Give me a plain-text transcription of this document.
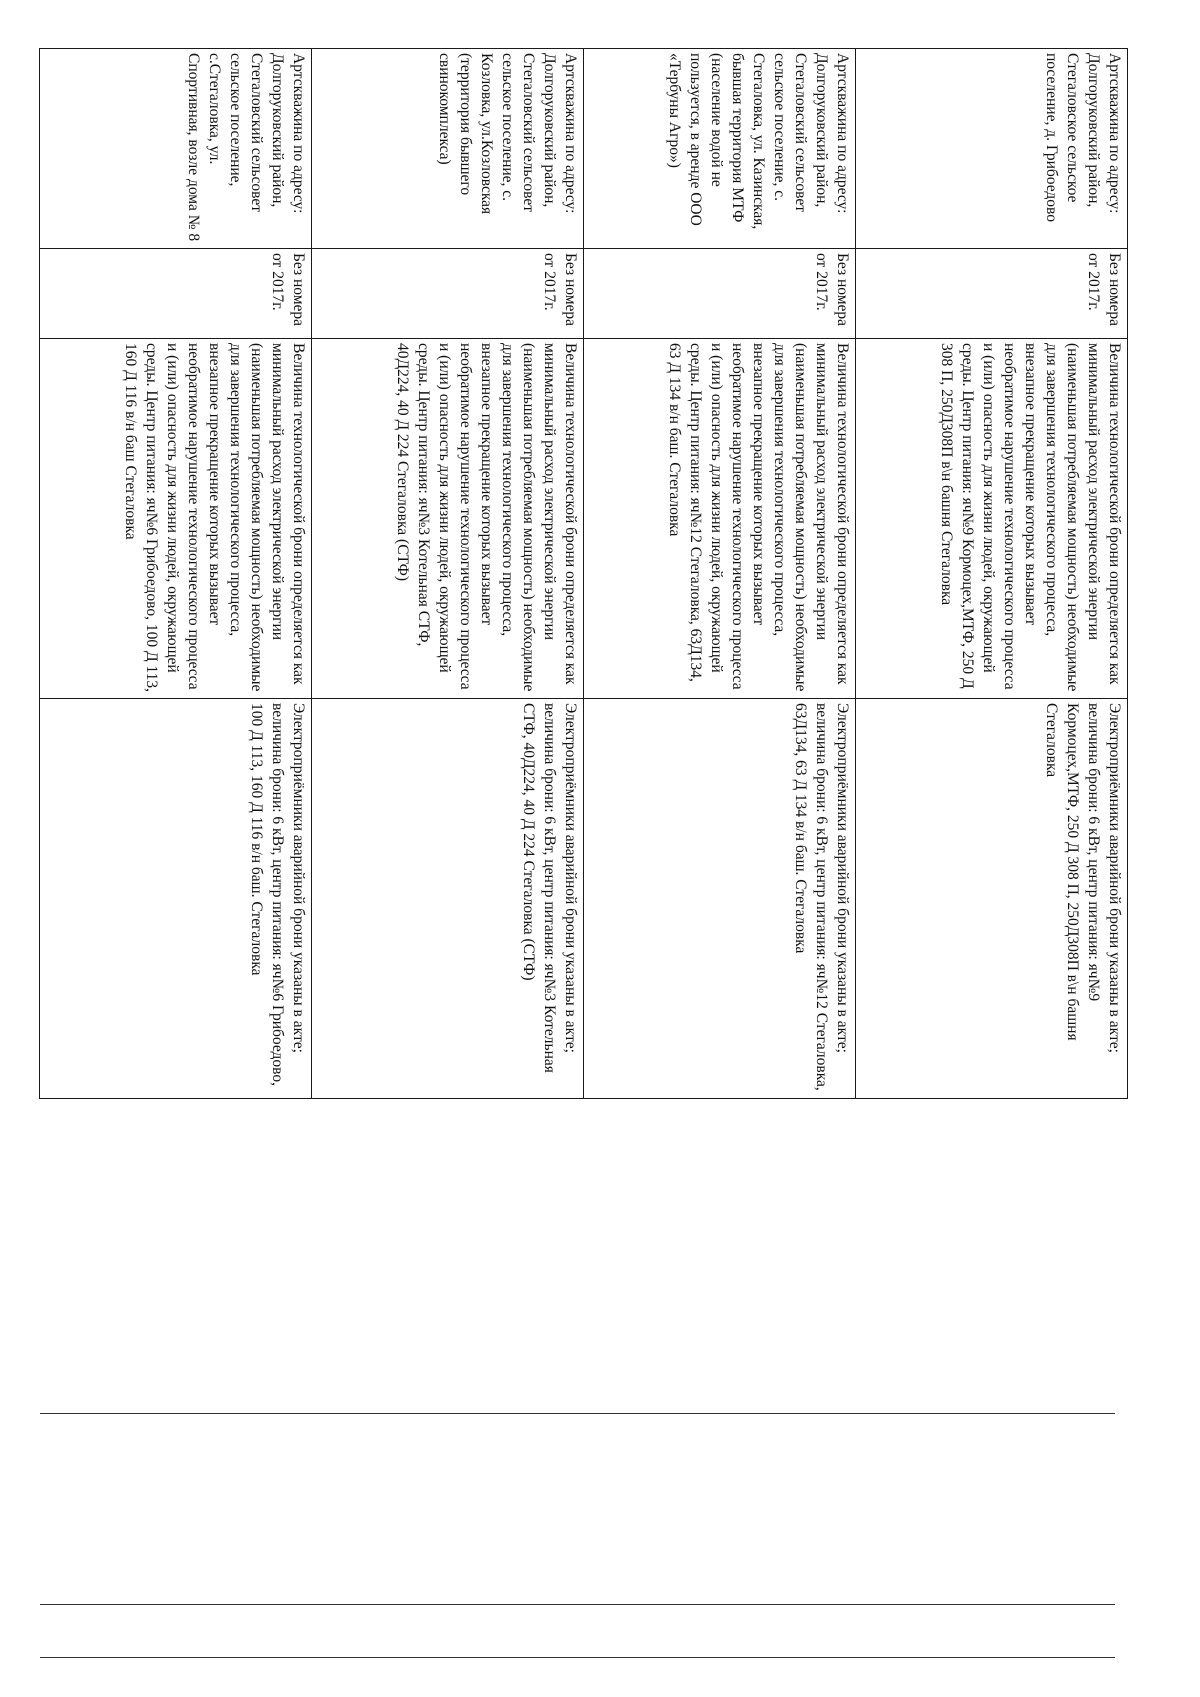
Артскважина по адресу: Долгоруковский район, Стегаловское сельское поселение, д. Грибоедово	Без номера от 2017г.	Величина технологической брони определяется как минимальный расход электрической энергии (наименьшая потребляемая мощность) необходимые для завершения технологического процесса, внезапное прекращение которых вызывает необратимое нарушение технологического процесса и (или) опасность для жизни людей, окружающей среды. Центр питания: яч№9 Кормоцех,МТФ, 250 Д 308 П, 250Д308П в\н башня Стегаловка	Электроприёмники аварийной брони указаны в акте; величина брони: 6 кВт, центр питания: яч№9 Кормоцех,МТФ, 250 Д 308 П, 250Д308П в\н башня Стегаловка
Артскважина по адресу: Долгоруковский район, Стегаловский сельсовет сельское поселение, с. Стегаловка, ул. Казинская, бывшая территория МТФ (население водой не пользуется, в аренде ООО «Тербуны Агро»)	Без номера от 2017г.	Величина технологической брони определяется как минимальный расход электрической энергии (наименьшая потребляемая мощность) необходимые для завершения технологического процесса, внезапное прекращение которых вызывает необратимое нарушение технологического процесса и (или) опасность для жизни людей, окружающей среды. Центр питания: яч№12 Стегаловка, 63Д134, 63 Д 134 в/н баш. Стегаловка	Электроприёмники аварийной брони указаны в акте; величина брони: 6 кВт, центр питания: яч№12 Стегаловка, 63Д134, 63 Д 134 в/н баш. Стегаловка
Артскважина по адресу: Долгоруковский район, Стегаловский сельсовет сельское поселение, с. Козловка, ул.Козловская (территория бывшего свинокомплекса)	Без номера от 2017г.	Величина технологической брони определяется как минимальный расход электрической энергии (наименьшая потребляемая мощность) необходимые для завершения технологического процесса, внезапное прекращение которых вызывает необратимое нарушение технологического процесса и (или) опасность для жизни людей, окружающей среды. Центр питания: яч№3 Котельная СТФ, 40Д224, 40 Д 224 Стегаловка (СТФ)	Электроприёмники аварийной брони указаны в акте; величина брони: 6 кВт, центр питания: яч№3 Котельная СТФ, 40Д224, 40 Д 224 Стегаловка (СТФ)
Артскважина по адресу: Долгоруковский район, Стегаловский сельсовет сельское поселение, с.Стегаловка, ул. Спортивная, возле дома № 8	Без номера от 2017г.	Величина технологической брони определяется как минимальный расход электрической энергии (наименьшая потребляемая мощность) необходимые для завершения технологического процесса, внезапное прекращение которых вызывает необратимое нарушение технологического процесса и (или) опасность для жизни людей, окружающей среды. Центр питания: яч№6 Грибоедово, 100 Д 113, 160 Д 116 в/н баш Стегаловка	Электроприёмники аварийной брони указаны в акте; величина брони: 6 кВт, центр питания: яч№6 Грибоедово, 100 Д 113, 160 Д 116 в/н баш. Стегаловка
